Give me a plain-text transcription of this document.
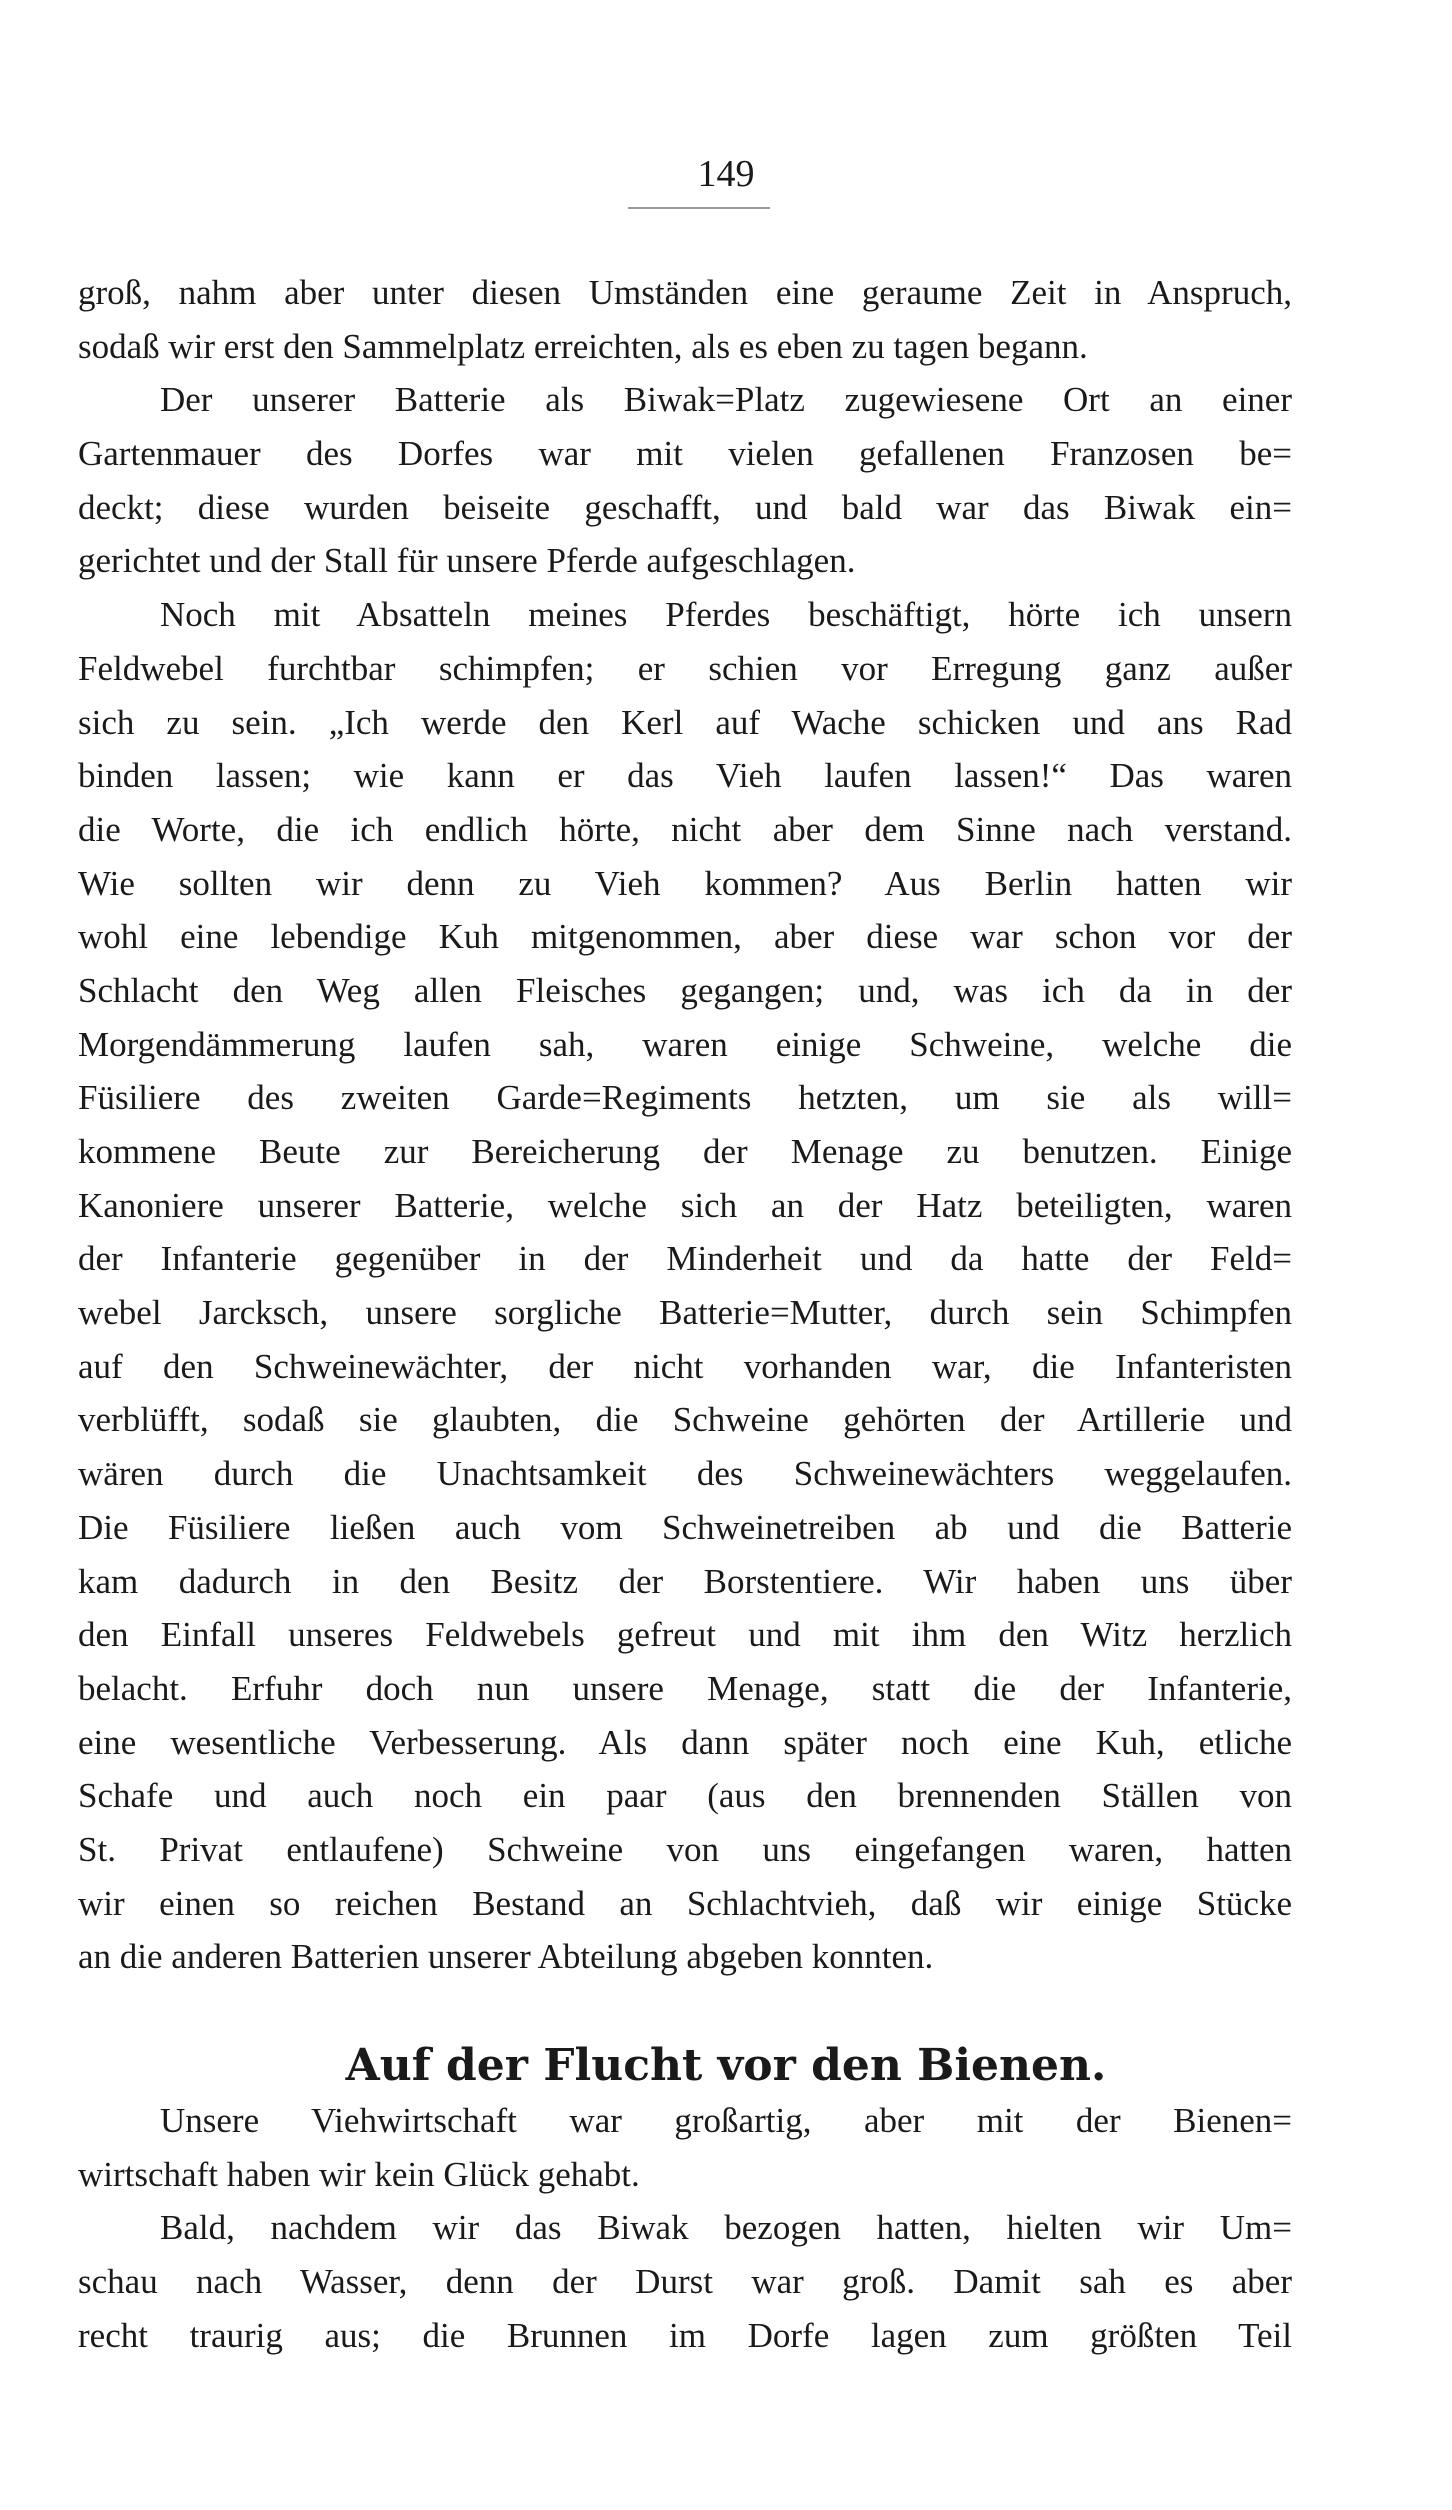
149
groß, nahm aber unter diesen Umständen eine geraume Zeit in Anspruch,
sodaß wir erst den Sammelplatz erreichten, als es eben zu tagen begann.
Der unserer Batterie als Biwak=Platz zugewiesene Ort an einer
Gartenmauer des Dorfes war mit vielen gefallenen Franzosen be=
deckt; diese wurden beiseite geschafft, und bald war das Biwak ein=
gerichtet und der Stall für unsere Pferde aufgeschlagen.
Noch mit Absatteln meines Pferdes beschäftigt, hörte ich unsern
Feldwebel furchtbar schimpfen; er schien vor Erregung ganz außer
sich zu sein. „Ich werde den Kerl auf Wache schicken und ans Rad
binden lassen; wie kann er das Vieh laufen lassen!“ Das waren
die Worte, die ich endlich hörte, nicht aber dem Sinne nach verstand.
Wie sollten wir denn zu Vieh kommen? Aus Berlin hatten wir
wohl eine lebendige Kuh mitgenommen, aber diese war schon vor der
Schlacht den Weg allen Fleisches gegangen; und, was ich da in der
Morgendämmerung laufen sah, waren einige Schweine, welche die
Füsiliere des zweiten Garde=Regiments hetzten, um sie als will=
kommene Beute zur Bereicherung der Menage zu benutzen. Einige
Kanoniere unserer Batterie, welche sich an der Hatz beteiligten, waren
der Infanterie gegenüber in der Minderheit und da hatte der Feld=
webel Jarcksch, unsere sorgliche Batterie=Mutter, durch sein Schimpfen
auf den Schweinewächter, der nicht vorhanden war, die Infanteristen
verblüfft, sodaß sie glaubten, die Schweine gehörten der Artillerie und
wären durch die Unachtsamkeit des Schweinewächters weggelaufen.
Die Füsiliere ließen auch vom Schweinetreiben ab und die Batterie
kam dadurch in den Besitz der Borstentiere. Wir haben uns über
den Einfall unseres Feldwebels gefreut und mit ihm den Witz herzlich
belacht. Erfuhr doch nun unsere Menage, statt die der Infanterie,
eine wesentliche Verbesserung. Als dann später noch eine Kuh, etliche
Schafe und auch noch ein paar (aus den brennenden Ställen von
St. Privat entlaufene) Schweine von uns eingefangen waren, hatten
wir einen so reichen Bestand an Schlachtvieh, daß wir einige Stücke
an die anderen Batterien unserer Abteilung abgeben konnten.
Auf der Flucht vor den Bienen.
Unsere Viehwirtschaft war großartig, aber mit der Bienen=
wirtschaft haben wir kein Glück gehabt.
Bald, nachdem wir das Biwak bezogen hatten, hielten wir Um=
schau nach Wasser, denn der Durst war groß. Damit sah es aber
recht traurig aus; die Brunnen im Dorfe lagen zum größten Teil
